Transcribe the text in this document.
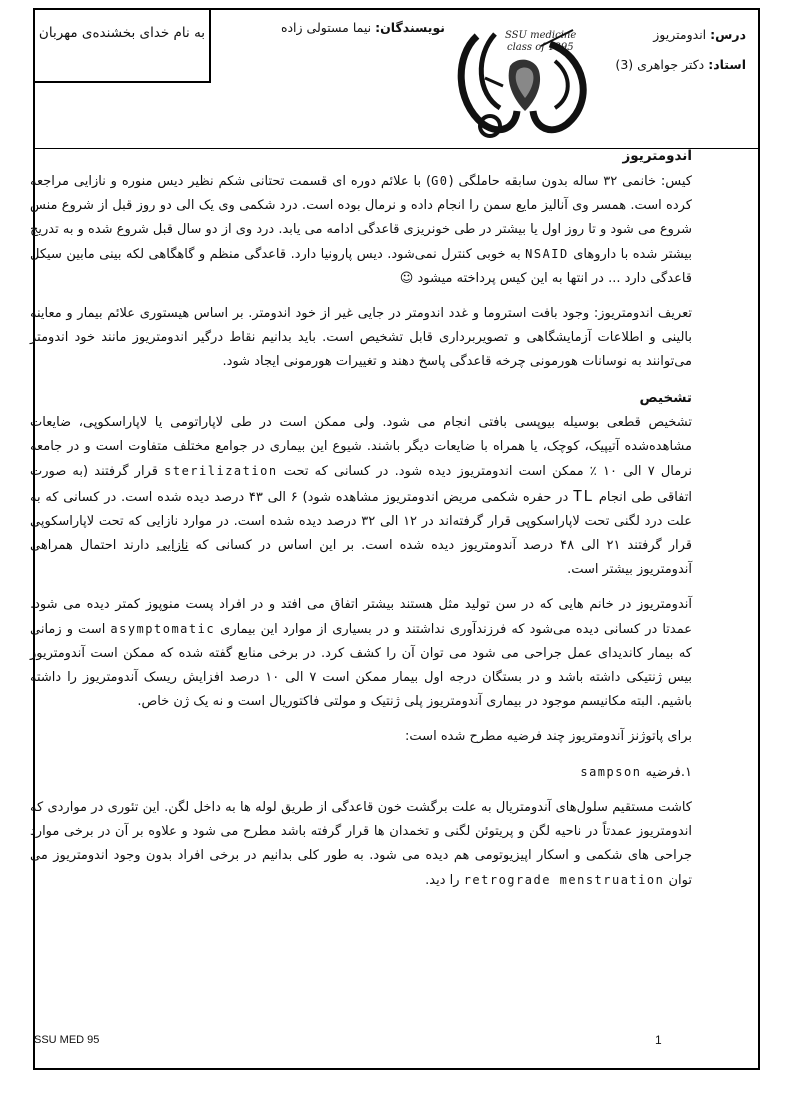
به نام خدای بخشنده‌ی مهربان	نویسندگان: نیما مستولی زاده
SSU medicine
class of 1395
درس: اندومتریوز
استاد: دکتر جواهری (3)
اندومتریوز

کیس: خانمی ۳۲ ساله بدون سابقه حاملگی (G0) با علائم دوره ای قسمت تحتانی شکم نظیر دیس منوره و نازایی مراجعه کرده است. همسر وی آنالیز مایع سمن را انجام داده و نرمال بوده است. درد شکمی وی یک الی دو روز قبل از شروع منس شروع می شود و تا روز اول یا بیشتر در طی خونریزی قاعدگی ادامه می یابد. درد وی از دو سال قبل شروع شده و به تدریج بیشتر شده با داروهای NSAID به خوبی کنترل نمی‌شود. دیس پارونیا دارد. قاعدگی منظم و گاهگاهی لکه بینی مابین سیکل قاعدگی دارد ... در انتها به این کیس پرداخته میشود ☺

تعریف اندومتریوز: وجود بافت استروما و غدد اندومتر در جایی غیر از خود اندومتر. بر اساس هیستوری علائم بیمار و معاینه بالینی و اطلاعات آزمایشگاهی و تصویربرداری قابل تشخیص است. باید بدانیم نقاط درگیر اندومتریوز مانند خود اندومتر می‌توانند به نوسانات هورمونی چرخه قاعدگی پاسخ دهند و تغییرات هورمونی ایجاد شود.

تشخیص

تشخیص قطعی بوسیله بیوپسی بافتی انجام می شود. ولی ممکن است در طی لاپاراتومی یا لاپاراسکوپی، ضایعات مشاهده‌شده آتیپیک، کوچک، یا همراه با ضایعات دیگر باشند. شیوع این بیماری در جوامع مختلف متفاوت است و در جامعه نرمال ۷ الی ۱۰ ٪ ممکن است اندومتریوز دیده شود. در کسانی که تحت sterilization قرار گرفتند (به صورت اتفاقی طی انجام TL در حفره شکمی مریض اندومتریوز مشاهده شود) ۶ الی ۴۳ درصد دیده شده است. در کسانی که به علت درد لگنی تحت لاپاراسکوپی قرار گرفته‌اند در ۱۲ الی ۳۲ درصد دیده شده است. در موارد نازایی که تحت لاپاراسکوپی قرار گرفتند ۲۱ الی ۴۸ درصد آندومتریوز دیده شده است. بر این اساس در کسانی که نازایی دارند احتمال همراهی آندومتریوز بیشتر است.

آندومتریوز در خانم هایی که در سن تولید مثل هستند بیشتر اتفاق می افتد و در افراد پست منوپوز کمتر دیده می شود. عمدتا در کسانی دیده می‌شود که فرزندآوری نداشتند و در بسیاری از موارد این بیماری asymptomatic است و زمانی که بیمار کاندیدای عمل جراحی می شود می توان آن را کشف کرد. در برخی منابع گفته شده که ممکن است آندومتریوز بیس ژنتیکی داشته باشد و در بستگان درجه اول بیمار ممکن است ۷ الی ۱۰ درصد افزایش ریسک آندومتریوز را داشته باشیم. البته مکانیسم موجود در بیماری آندومتریوز پلی ژنتیک و مولتی فاکتوریال است و نه یک ژن خاص.

برای پاتوژنز آندومتریوز چند فرضیه مطرح شده است:

۱.فرضیه sampson

کاشت مستقیم سلول‌های آندومتریال به علت برگشت خون قاعدگی از طریق لوله ها به داخل لگن. این تئوری در مواردی که اندومتریوز عمدتاً در ناحیه لگن و پریتوئن لگنی و تخمدان ها قرار گرفته باشد مطرح می شود و علاوه بر آن در برخی موارد جراحی های شکمی و اسکار اپیزیوتومی هم دیده می شود. به طور کلی بدانیم در برخی افراد بدون وجود اندومتریوز می توان retrograde menstruation را دید.

SSU MED 95	1
